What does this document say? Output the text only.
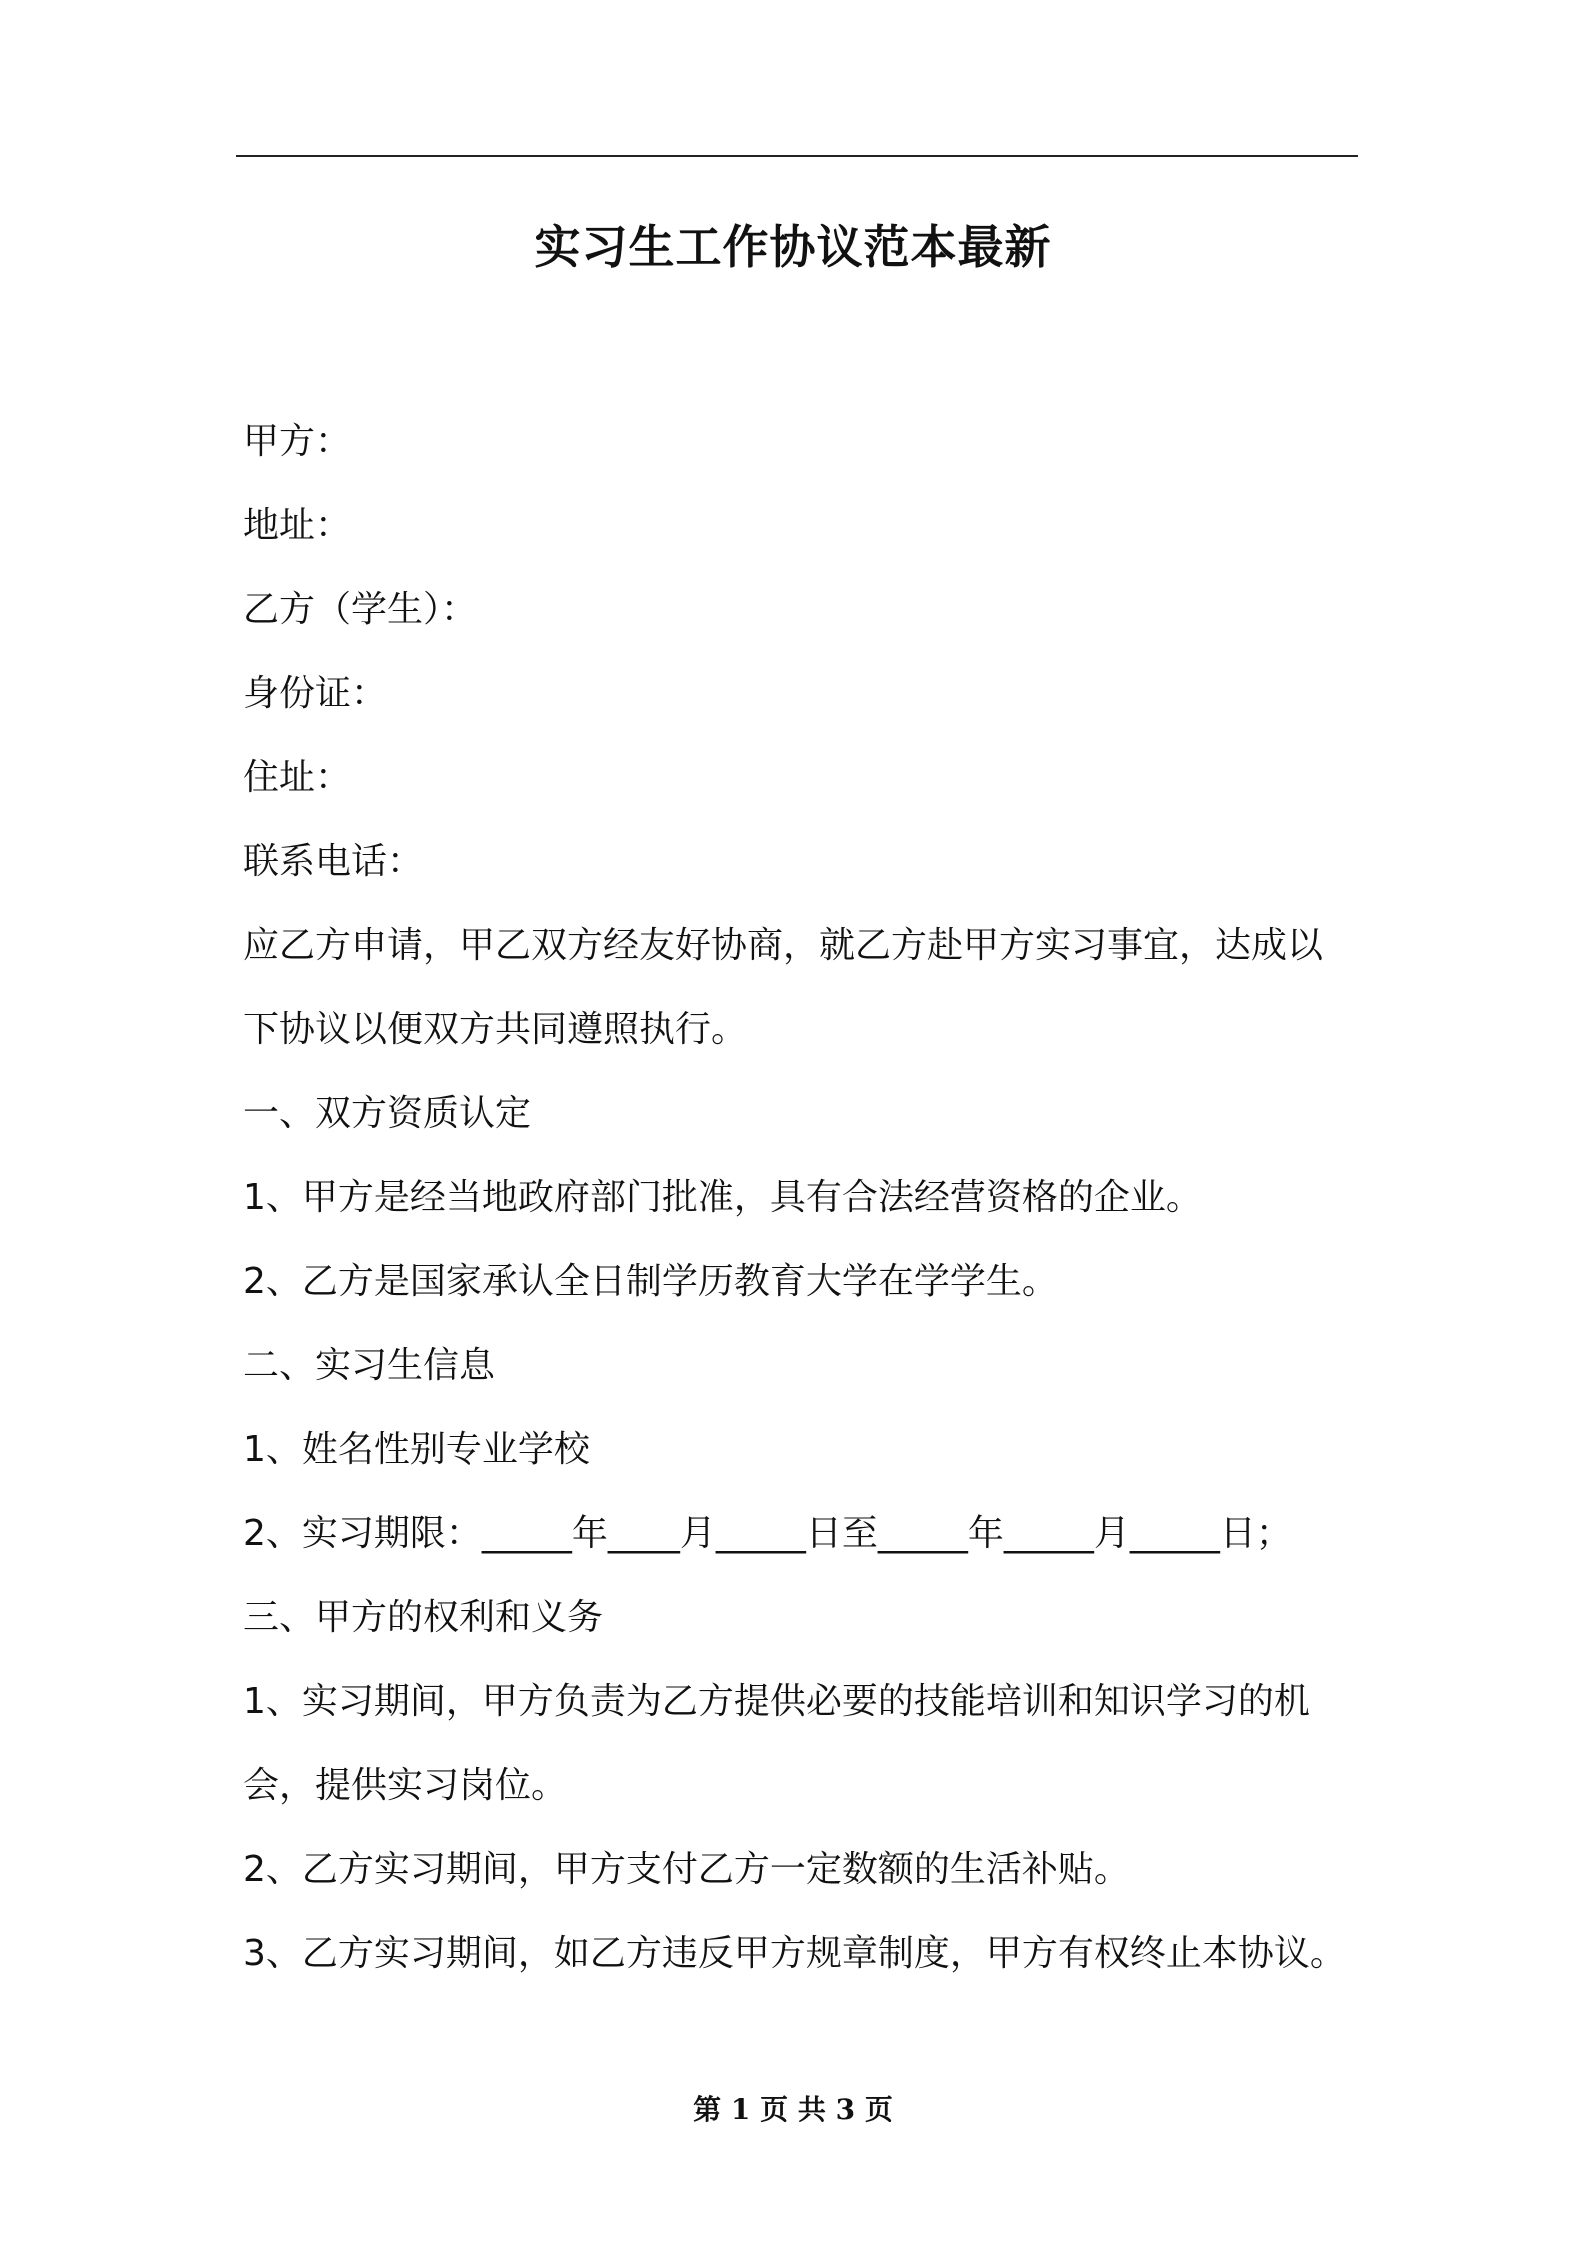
实习生工作协议范本最新

甲方：

地址：

乙方（学生）：

身份证：

住址：

联系电话：

应乙方申请，甲乙双方经友好协商，就乙方赴甲方实习事宜，达成以

下协议以便双方共同遵照执行。

一、双方资质认定

1、甲方是经当地政府部门批准，具有合法经营资格的企业。

2、乙方是国家承认全日制学历教育大学在学学生。

二、实习生信息

1、姓名性别专业学校

2、实习期限：_____年____月_____日至_____年_____月_____日；

三、甲方的权利和义务

1、实习期间，甲方负责为乙方提供必要的技能培训和知识学习的机

会，提供实习岗位。

2、乙方实习期间，甲方支付乙方一定数额的生活补贴。

3、乙方实习期间，如乙方违反甲方规章制度，甲方有权终止本协议。

第 1 页 共 3 页
